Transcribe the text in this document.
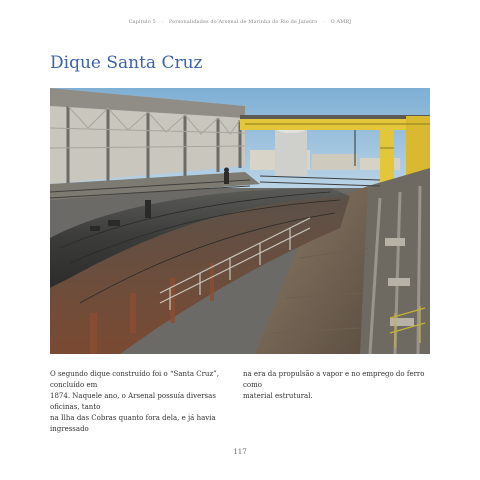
Capítulo 5 · Personalidades do Arsenal de Marinha do Rio de Janeiro · O AMRJ
Dique Santa Cruz

O segundo dique construído foi o “Santa Cruz”, concluído em
1874. Naquele ano, o Arsenal possuía diversas oficinas, tanto
na Ilha das Cobras quanto fora dela, e já havia ingressado

na era da propulsão a vapor e no emprego do ferro como
material estrutural.

117
